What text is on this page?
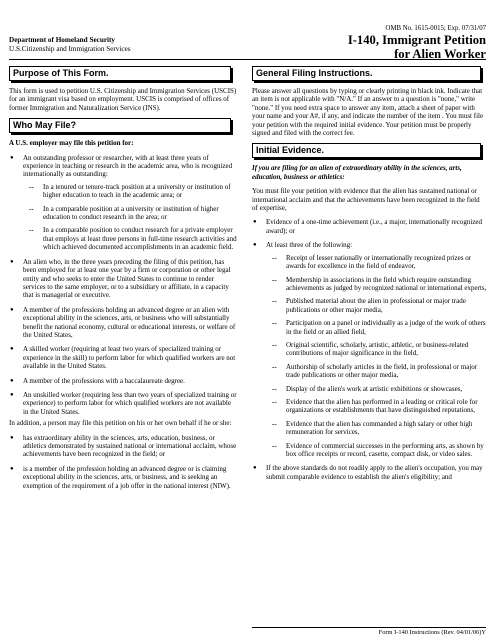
Department of Homeland Security
U.S.Citizenship and Immigration Services
OMB No. 1615-0015; Exp. 07/31/07
I-140, Immigrant Petition
for Alien Worker
Purpose of This Form.

This form is used to petition U.S. Citizenship and Immigration Services (USCIS) for an immigrant visa based on employment. USCIS is comprised of offices of former Immigration and Naturalization Service (INS).

Who May File?

A U.S. employer may file this petition for:

● An outstanding professor or researcher, with at least three years of experience in teaching or research in the academic area, who is recognized internationally as outstanding:
-- In a tenured or tenure-track position at a university or institution of higher education to teach in the academic area; or
-- In a comparable position at a university or institution of higher education to conduct research in the area; or
-- In a comparable position to conduct research for a private employer that employs at least three persons in full-time research activities and which achieved documented accomplishments in an academic field.
● An alien who, in the three years preceding the filing of this petition, has been employed for at least one year by a firm or corporation or other legal entity and who seeks to enter the United States to continue to render services to the same employer, or to a subsidiary or affiliate, in a capacity that is managerial or executive.
● A member of the professions holding an advanced degree or an alien with exceptional ability in the sciences, arts, or business who will substantially benefit the national economy, cultural or educational interests, or welfare of the United States,
● A skilled worker (requiring at least two years of specialized training or experience in the skill) to perform labor for which qualified workers are not available in the United States.
● A member of the professions with a baccalaureate degree.
● An unskilled worker (requiring less than two years of specialized training or experience) to perform labor for which qualified workers are not available in the United States.

In addition, a person may file this petition on his or her own behalf if he or she:

● has extraordinary ability in the sciences, arts, education, business, or athletics demonstrated by sustained national or international acclaim, whose achievements have been recognized in the field; or
● is a member of the profession holding an advanced degree or is claiming exceptional ability in the sciences, arts, or business, and is seeking an exemption of the requirement of a job offer in the national interest (NIW).
General Filing Instructions.

Please answer all questions by typing or clearly printing in black ink. Indicate that an item is not applicable with "N/A." If an answer to a question is "none," write "none." If you need extra space to answer any item, attach a sheet of paper with your name and your A#, if any, and indicate the number of the item . You must file your petition with the required initial evidence. Your petition must be properly signed and filed with the correct fee.

Initial Evidence.

If you are filing for an alien of extraordinary ability in the sciences, arts, education, business or athletics:

You must file your petition with evidence that the alien has sustained national or international acclaim and that the achievements have been recognized in the field of expertise,

● Evidence of a one-time achievement (i.e., a major, internationally recognized award); or
● At least three of the following:
-- Receipt of lesser nationally or internationally recognized prizes or awards for excellence in the field of endeavor,
-- Membership in associations in the field which require outstanding achievements as judged by recognized national or international experts,
-- Published material about the alien in professional or major trade publications or other major media,
-- Participation on a panel or individually as a judge of the work of others in the field or an allied field,
-- Original scientific, scholarly, artistic, athletic, or business-related contributions of major significance in the field,
-- Authorship of scholarly articles in the field, in professional or major trade publications or other major media,
-- Display of the alien's work at artistic exhibitions or showcases,
-- Evidence that the alien has performed in a leading or critical role for organizations or establishments that have distinguished reputations,
-- Evidence that the alien has commanded a high salary or other high remuneration for services,
-- Evidence of commercial successes in the performing arts, as shown by box office receipts or record, casette, compact disk, or video sales.
● If the above standards do not readily apply to the alien's occupation, you may submit comparable evidence to establish the alien's eligibility; and
Form I-140 Instructions (Rev. 04/01/06)Y
